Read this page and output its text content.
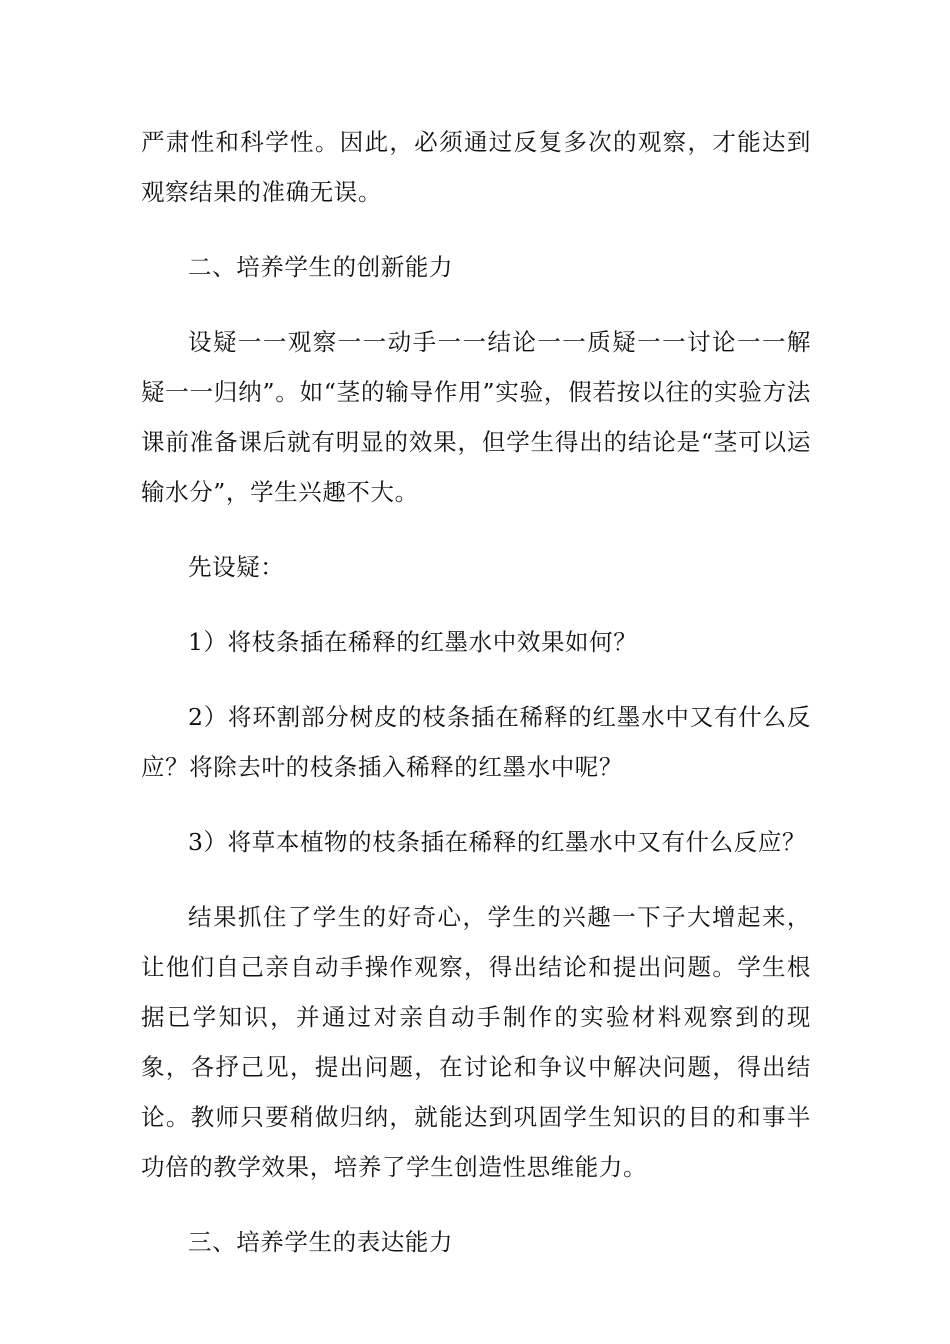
严肃性和科学性。因此，必须通过反复多次的观察，才能达到观察结果的准确无误。

二、培养学生的创新能力

设疑一一观察一一动手一一结论一一质疑一一讨论一一解疑一一归纳”。如“茎的输导作用”实验，假若按以往的实验方法课前准备课后就有明显的效果，但学生得出的结论是“茎可以运输水分”，学生兴趣不大。

先设疑：

1）将枝条插在稀释的红墨水中效果如何？

2）将环割部分树皮的枝条插在稀释的红墨水中又有什么反应？将除去叶的枝条插入稀释的红墨水中呢？

3）将草本植物的枝条插在稀释的红墨水中又有什么反应？

结果抓住了学生的好奇心，学生的兴趣一下子大增起来，让他们自己亲自动手操作观察，得出结论和提出问题。学生根据已学知识，并通过对亲自动手制作的实验材料观察到的现象，各抒己见，提出问题，在讨论和争议中解决问题，得出结论。教师只要稍做归纳，就能达到巩固学生知识的目的和事半功倍的教学效果，培养了学生创造性思维能力。

三、培养学生的表达能力
